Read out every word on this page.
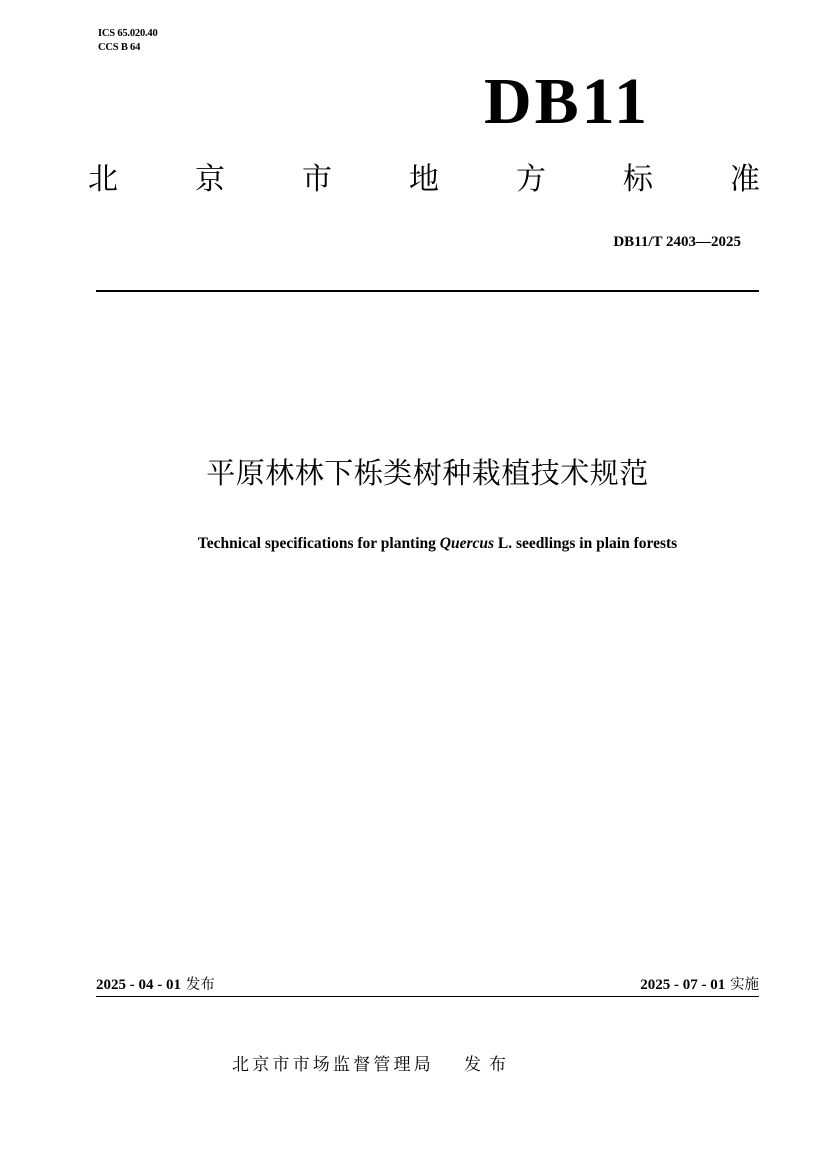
ICS 65.020.40
CCS B 64
DB11
北	京	市	地	方	标	准
DB11/T 2403—2025
平原林林下栎类树种栽植技术规范
Technical specifications for planting Quercus L. seedlings in plain forests
2025 - 04 - 01 发布	2025 - 07 - 01 实施
北京市市场监督管理局 发布
